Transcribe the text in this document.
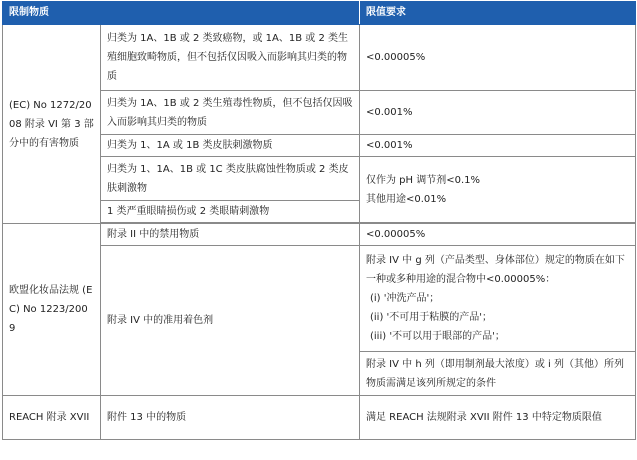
限制物质		限值要求
(EC) No 1272/2008 附录 VI 第 3 部分中的有害物质	归类为 1A、1B 或 2 类致癌物，或 1A、1B 或 2 类生殖细胞致畸物质，但不包括仅因吸入而影响其归类的物质	<0.00005%
	归类为 1A、1B 或 2 类生殖毒性物质，但不包括仅因吸入而影响其归类的物质	<0.001%
	归类为 1、1A 或 1B 类皮肤刺激物质	<0.001%
	归类为 1、1A、1B 或 1C 类皮肤腐蚀性物质或 2 类皮肤刺激物	仅作为 pH 调节剂<0.1%

其他用途<0.01%

	1 类严重眼睛损伤或 2 类眼睛刺激物	

欧盟化妆品法规 (EC) No 1223/2009	附录 II 中的禁用物质	<0.00005%
	附录 IV 中的准用着色剂	附录 IV 中 g 列（产品类型、身体部位）规定的物质在如下一种或多种用途的混合物中<0.00005%：

(i) '冲洗产品'；

(ii) '不可用于粘膜的产品'；

(iii) '不可以用于眼部的产品'；

		附录 IV 中 h 列（即用制剂最大浓度）或 i 列（其他）所列物质需满足该列所规定的条件
REACH 附录 XVII	附件 13 中的物质	满足 REACH 法规附录 XVII 附件 13 中特定物质限值
